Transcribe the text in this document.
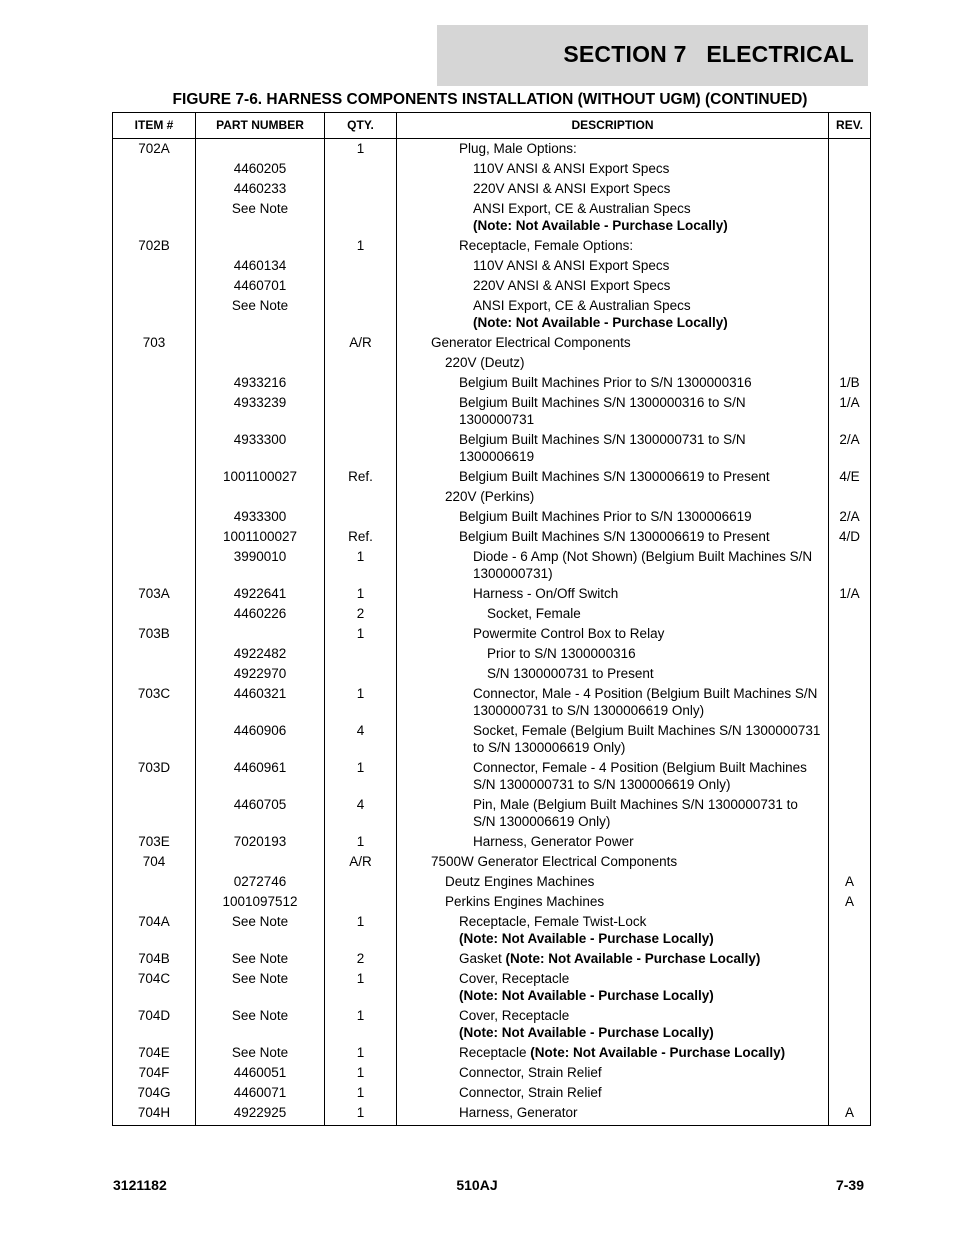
SECTION 7   ELECTRICAL
FIGURE 7-6. HARNESS COMPONENTS INSTALLATION (WITHOUT UGM) (CONTINUED)
ITEM #	PART NUMBER	QTY.	DESCRIPTION	REV.
702A		1	Plug, Male Options:	

	4460205		110V ANSI & ANSI Export Specs	

	4460233		220V ANSI & ANSI Export Specs	

	See Note		ANSI Export, CE & Australian Specs
(Note: Not Available - Purchase Locally)	

702B		1	Receptacle, Female Options:	

	4460134		110V ANSI & ANSI Export Specs	

	4460701		220V ANSI & ANSI Export Specs	

	See Note		ANSI Export, CE & Australian Specs
(Note: Not Available - Purchase Locally)	

703		A/R	Generator Electrical Components	

			220V (Deutz)	

	4933216		Belgium Built Machines Prior to S/N 1300000316	1/B
	4933239		Belgium Built Machines S/N 1300000316 to S/N 1300000731	1/A
	4933300		Belgium Built Machines S/N 1300000731 to S/N 1300006619	2/A
	1001100027	Ref.	Belgium Built Machines S/N 1300006619 to Present	4/E

			220V (Perkins)	

	4933300		Belgium Built Machines Prior to S/N 1300006619	2/A
	1001100027	Ref.	Belgium Built Machines S/N 1300006619 to Present	4/D
	3990010	1	Diode - 6 Amp (Not Shown) (Belgium Built Machines S/N 1300000731)	

703A	4922641	1	Harness - On/Off Switch	1/A
	4460226	2	Socket, Female	

703B		1	Powermite Control Box to Relay	

	4922482		Prior to S/N 1300000316	

	4922970		S/N 1300000731 to Present	

703C	4460321	1	Connector, Male - 4 Position (Belgium Built Machines S/N 1300000731 to S/N 1300006619 Only)	

	4460906	4	Socket, Female (Belgium Built Machines S/N 1300000731 to S/N 1300006619 Only)	

703D	4460961	1	Connector, Female - 4 Position (Belgium Built Machines S/N 1300000731 to S/N 1300006619 Only)	

	4460705	4	Pin, Male (Belgium Built Machines S/N 1300000731 to S/N 1300006619 Only)	

703E	7020193	1	Harness, Generator Power	

704		A/R	7500W Generator Electrical Components	

	0272746		Deutz Engines Machines	A
	1001097512		Perkins Engines Machines	A
704A	See Note	1	Receptacle, Female Twist-Lock
(Note: Not Available - Purchase Locally)	

704B	See Note	2	Gasket (Note: Not Available - Purchase Locally)	

704C	See Note	1	Cover, Receptacle
(Note: Not Available - Purchase Locally)	

704D	See Note	1	Cover, Receptacle
(Note: Not Available - Purchase Locally)	

704E	See Note	1	Receptacle (Note: Not Available - Purchase Locally)	

704F	4460051	1	Connector, Strain Relief	

704G	4460071	1	Connector, Strain Relief	

704H	4922925	1	Harness, Generator	A
3121182	510AJ	7-39
